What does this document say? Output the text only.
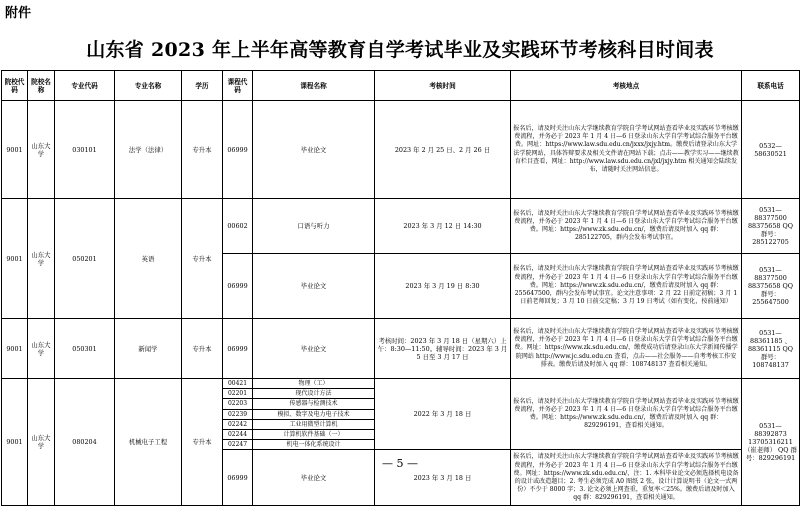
附件
山东省 2023 年上半年高等教育自学考试毕业及实践环节考核科目时间表
院校代码	院校名称	专业代码	专业名称	学历	课程代码	课程名称	考核时间	考核地点	联系电话
9001	山东大学	030101	法学（法律）	专升本	06999	毕业论文	2023 年 2 月 25 日、2 月 26 日	报名后，请及时关注山东大学继续教育学院自学考试网站查看毕业及实践环节考核缴费流程，并务必于 2023 年 1 月 4 日—6 日登录山东大学自学考试综合服务平台缴费。网址：https://www.law.sdu.edu.cn/jxxx/jxjy.htm。缴费后请登录山东大学法学院网站，具体答辩要求及相关文件请在网站下载；点击——教学实习——继续教育栏目查看，网址：http://www.law.sdu.edu.cn/jxl/jxjy.htm 相关通知会陆续发布，请随时关注网站信息。	0532—58630521
9001	山东大学	050201	英语	专升本	00602	口语与听力	2023 年 3 月 12 日 14:30	报名后，请及时关注山东大学继续教育学院自学考试网站查看毕业及实践环节考核缴费流程，并务必于 2023 年 1 月 4 日—6 日登录山东大学自学考试综合服务平台缴费。网址：https://www.zk.sdu.edu.cn/，缴费后请及时加入 qq 群：285122705，群内会发布考试事宜。	0531—88377500 88375658 QQ 群号：285122705
					06999	毕业论文	2023 年 3 月 19 日 8:30	报名后，请及时关注山东大学继续教育学院自学考试网站查看毕业及实践环节考核缴费流程，并务必于 2023 年 1 月 4 日—6 日登录山东大学自学考试综合服务平台缴费。网址：https://www.zk.sdu.edu.cn/，缴费后请及时加入 qq 群：255647500，群内会发布考试事宜。论文注意事项：2 月 22 日前定初稿；3 月 1 日前老师回复；3 月 10 日前交定稿；3 月 19 日考试（如有变化，按前通知）	0531—88377500 88375658 QQ 群号：255647500
9001	山东大学	050301	新闻学	专升本	06999	毕业论文	考核时间：2023 年 3 月 18 日（星期六）上午：8:30—11:50。辅导时间：2023 年 3 月 5 日至 3 月 17 日	报名后，请及时关注山东大学继续教育学院自学考试网站查看毕业及实践环节考核缴费流程，并务必于 2023 年 1 月 4 日—6 日登录山东大学自学考试综合服务平台缴费。网址：https://www.zk.sdu.edu.cn/，缴费成功后请登录山东大学新闻传播学院网站 http://www.jc.sdu.edu.cn 查看，点击——社会服务——自考考核工作安排表。缴费后请及时加入 qq 群：108748137 查看相关通知。	0531—88361185 、88361115 QQ 群号：108748137
9001	山东大学	080204	机械电子工程	专升本	00421	物理（工）	2022 年 3 月 18 日	报名后，请及时关注山东大学继续教育学院自学考试网站查看毕业及实践环节考核缴费流程，并务必于 2023 年 1 月 4 日—6 日登录山东大学自学考试综合服务平台缴费。网址：https://www.zk.sdu.edu.cn/，缴费后请及时加入 qq 群：829296191，查看相关通知。	0531—88392873 13705316211（崔老师） QQ 群号：829296191
					02201	现代设计方法			
					02203	传感器与检测技术			
					02239	模拟、数字及电力电子技术			
					02242	工业用微型计算机			
					02244	计算机软件基础（一）			
					02247	机电一体化系统设计			
					06999	毕业论文	2023 年 3 月 18 日	报名后，请及时关注山东大学继续教育学院自学考试网站查看毕业及实践环节考核缴费流程，并务必于 2023 年 1 月 4 日—6 日登录山东大学自学考试综合服务平台缴费。网址：https://www.zk.sdu.edu.cn/，注：1. 本科毕业论文必须选择机电设备的设计或改造题目；2. 考生必须完成 A0 图纸 2 张，设计计算说明书（论文一式两份）不少于 8000 字；3. 论文必须上网查重，重复率＜25%。缴费后请及时加入 qq 群：829296191，查看相关通知。	
— 5 —
